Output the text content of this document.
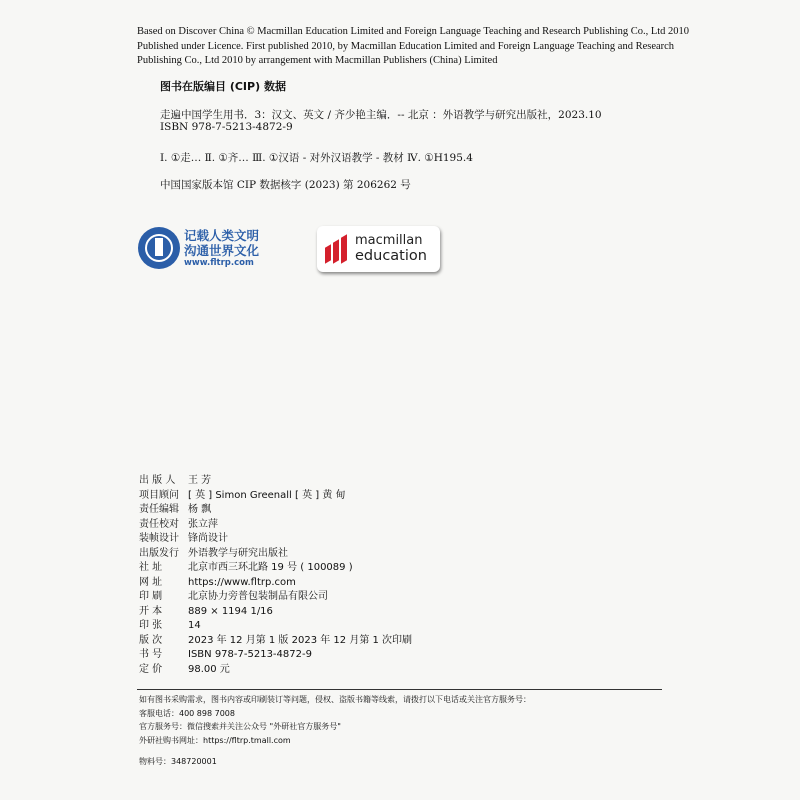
Based on Discover China © Macmillan Education Limited and Foreign Language Teaching and Research Publishing Co., Ltd 2010
Published under Licence. First published 2010, by Macmillan Education Limited and Foreign Language Teaching and Research
Publishing Co., Ltd 2010 by arrangement with Macmillan Publishers (China) Limited
图书在版编目 (CIP) 数据
走遍中国学生用书．3：汉文、英文 / 齐少艳主编．-- 北京 ：外语教学与研究出版社，2023.10
ISBN 978-7-5213-4872-9
Ⅰ. ①走… Ⅱ. ①齐… Ⅲ. ①汉语 - 对外汉语教学 - 教材 Ⅳ. ①H195.4
中国国家版本馆 CIP 数据核字 (2023) 第 206262 号
记载人类文明
沟通世界文化
www.fltrp.com
macmillan
education
出 版 人	王 芳
项目顾问 [ 英 ] Simon Greenall [ 英 ] 黄 甸
责任编辑 杨 飘
责任校对 张立萍
装帧设计 锋尚设计
出版发行 外语教学与研究出版社
社 址	北京市西三环北路 19 号 ( 100089 )
网 址	https://www.fltrp.com
印 刷	北京协力旁普包装制品有限公司
开 本	889 × 1194 1/16
印 张	14
版 次	2023 年 12 月第 1 版 2023 年 12 月第 1 次印刷
书 号	ISBN 978-7-5213-4872-9
定 价	98.00 元
如有图书采购需求，图书内容或印刷装订等问题，侵权、盗版书籍等线索，请拨打以下电话或关注官方服务号：
客服电话：400 898 7008
官方服务号：微信搜索并关注公众号 "外研社官方服务号"
外研社购书网址：https://fltrp.tmall.com
物料号：348720001
